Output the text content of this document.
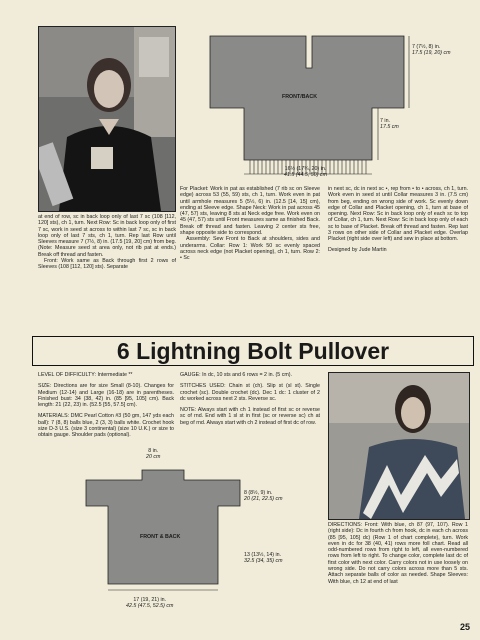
FRONT/BACK
7 (7½, 8) in.
17.5 (19, 20) cm
7 in.
17.5 cm
16½ (17¾, 20) in.
41.5 (44.5, 50) cm

at end of row, sc in back loop only of last 7 sc (108 [112, 120] sts), ch 1, turn. Next Row: Sc in back loop only of first 7 sc, work in seed st across to within last 7 sc, sc in back loop only of last 7 sts, ch 1, turn. Rep last Row until Sleeves measure 7 (7½, 8) in. (17.5 [19, 20] cm) from beg. (Note: Measure seed st area only, not rib pat at ends.) Break off thread and fasten.

Front: Work same as Back through first 2 rows of Sleeves (108 [112, 120] sts). Separate

For Placket: Work in pat as established (7 rib sc on Sleeve edge) across 53 (55, 59) sts, ch 1, turn. Work even in pat until armhole measures 5 (5½, 6) in. (12.5 [14, 15] cm), ending at Sleeve edge. Shape Neck: Work in pat across 45 (47, 57) sts, leaving 8 sts at Neck edge free. Work even on 45 (47, 57) sts until Front measures same as finished Back. Break off thread and fasten. Leaving 2 center sts free, shape opposite side to correspond.

Assembly: Sew Front to Back at shoulders, sides and underarms. Collar: Row 1: Work 50 sc evenly spaced across neck edge (not Placket opening), ch 1, turn. Row 2: • Sc

in next sc, dc in next sc •, rep from • to • across, ch 1, turn. Work even in seed st until Collar measures 3 in. (7.5 cm) from beg, ending on wrong side of work. Sc evenly down edge of Collar and Placket opening, ch 1, turn at base of opening. Next Row: Sc in back loop only of each sc to top of Collar, ch 1, turn. Next Row: Sc in back loop only of each sc to base of Placket. Break off thread and fasten. Rep last 3 rows on other side of Collar and Placket edge. Overlap Placket (right side over left) and sew in place at bottom.

Designed by Jude Martin

6 Lightning Bolt Pullover

LEVEL OF DIFFICULTY: Intermediate **

SIZE: Directions are for size Small (8-10). Changes for Medium (12-14) and Large (16-18) are in parentheses. Finished bust: 34 (38, 42) in. (85 [95, 105] cm). Back length: 21 (22, 23) in. (52.5 [55, 57.5] cm).

MATERIALS: DMC Pearl Cotton #3 (50 gm, 147 yds each ball): 7 (8, 8) balls blue, 2 (3, 3) balls white. Crochet hook size D-3 U.S. (size 3 continental) (size 10 U.K.) or size to obtain gauge. Shoulder pads (optional).

GAUGE: In dc, 10 sts and 6 rows = 2 in. (5 cm).

STITCHES USED: Chain st (ch). Slip st (sl st). Single crochet (sc). Double crochet (dc). Dec 1 dc: 1 cluster of 2 dc worked across next 2 sts. Reverse sc.

NOTE: Always start with ch 1 instead of first sc or reverse sc of rnd. End with 1 sl st in first (sc or reverse sc) ch at beg of rnd. Always start with ch 2 instead of first dc of row.

FRONT & BACK
8 in.
20 cm
8 (8½, 9) in.
20 (21, 22.5) cm
13 (13½, 14) in.
32.5 (34, 35) cm
17 (19, 21) in.
42.5 (47.5, 52.5) cm
DIRECTIONS: Front: With blue, ch 87 (97, 107). Row 1 (right side): Dc in fourth ch from hook, dc in each ch across (85 [95, 105] dc) (Row 1 of chart complete), turn. Work even in dc for 38 (40, 41) rows more foll chart. Read all odd-numbered rows from right to left, all even-numbered rows from left to right. To change color, complete last dc of first color with next color. Carry colors not in use loosely on wrong side. Do not carry colors across more than 5 sts. Attach separate balls of color as needed. Shape Sleeves: With blue, ch 12 at end of last
25
